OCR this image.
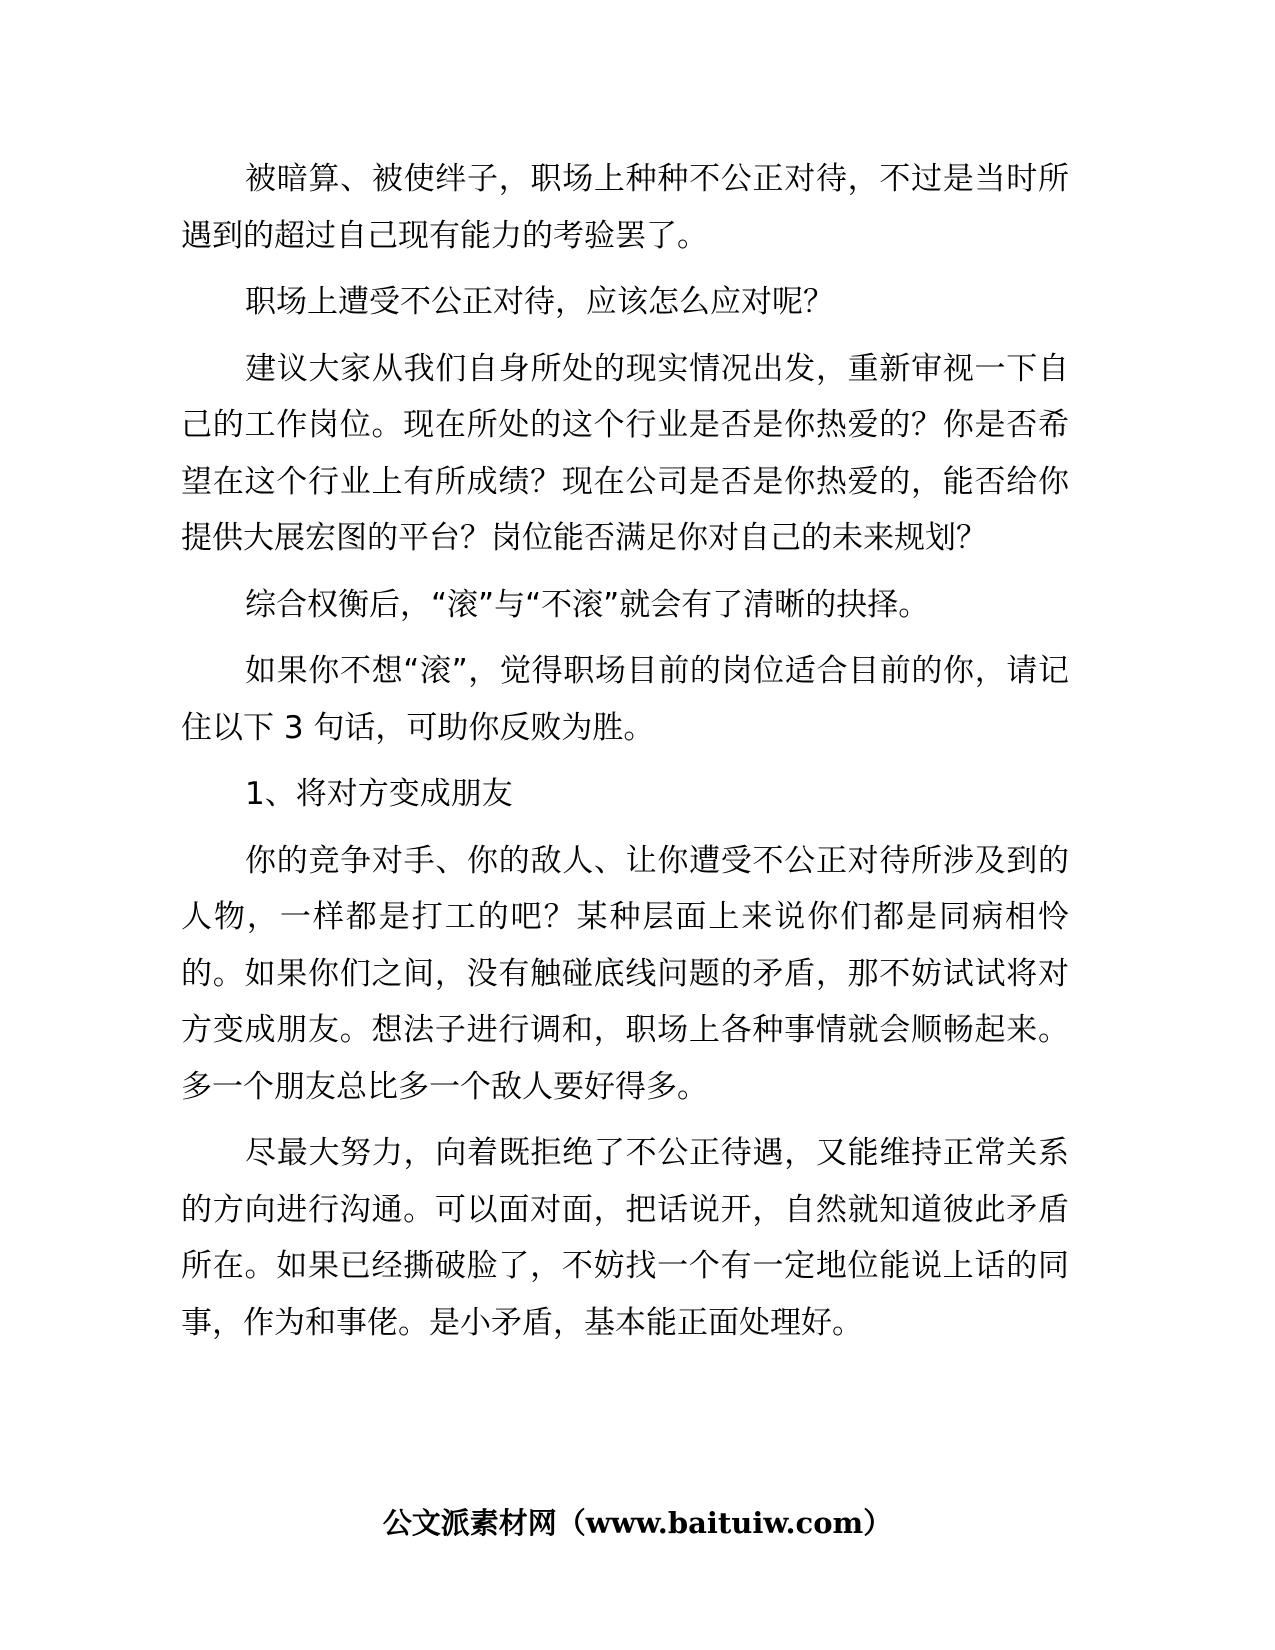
被暗算、被使绊子，职场上种种不公正对待，不过是当时所遇到的超过自己现有能力的考验罢了。

职场上遭受不公正对待，应该怎么应对呢？

建议大家从我们自身所处的现实情况出发，重新审视一下自己的工作岗位。现在所处的这个行业是否是你热爱的？你是否希望在这个行业上有所成绩？现在公司是否是你热爱的，能否给你提供大展宏图的平台？岗位能否满足你对自己的未来规划？

综合权衡后，“滚”与“不滚”就会有了清晰的抉择。

如果你不想“滚”，觉得职场目前的岗位适合目前的你，请记住以下 3 句话，可助你反败为胜。

1、将对方变成朋友

你的竞争对手、你的敌人、让你遭受不公正对待所涉及到的人物，一样都是打工的吧？某种层面上来说你们都是同病相怜的。如果你们之间，没有触碰底线问题的矛盾，那不妨试试将对方变成朋友。想法子进行调和，职场上各种事情就会顺畅起来。多一个朋友总比多一个敌人要好得多。

尽最大努力，向着既拒绝了不公正待遇，又能维持正常关系的方向进行沟通。可以面对面，把话说开，自然就知道彼此矛盾所在。如果已经撕破脸了，不妨找一个有一定地位能说上话的同事，作为和事佬。是小矛盾，基本能正面处理好。

公文派素材网（www.baituiw.com）
